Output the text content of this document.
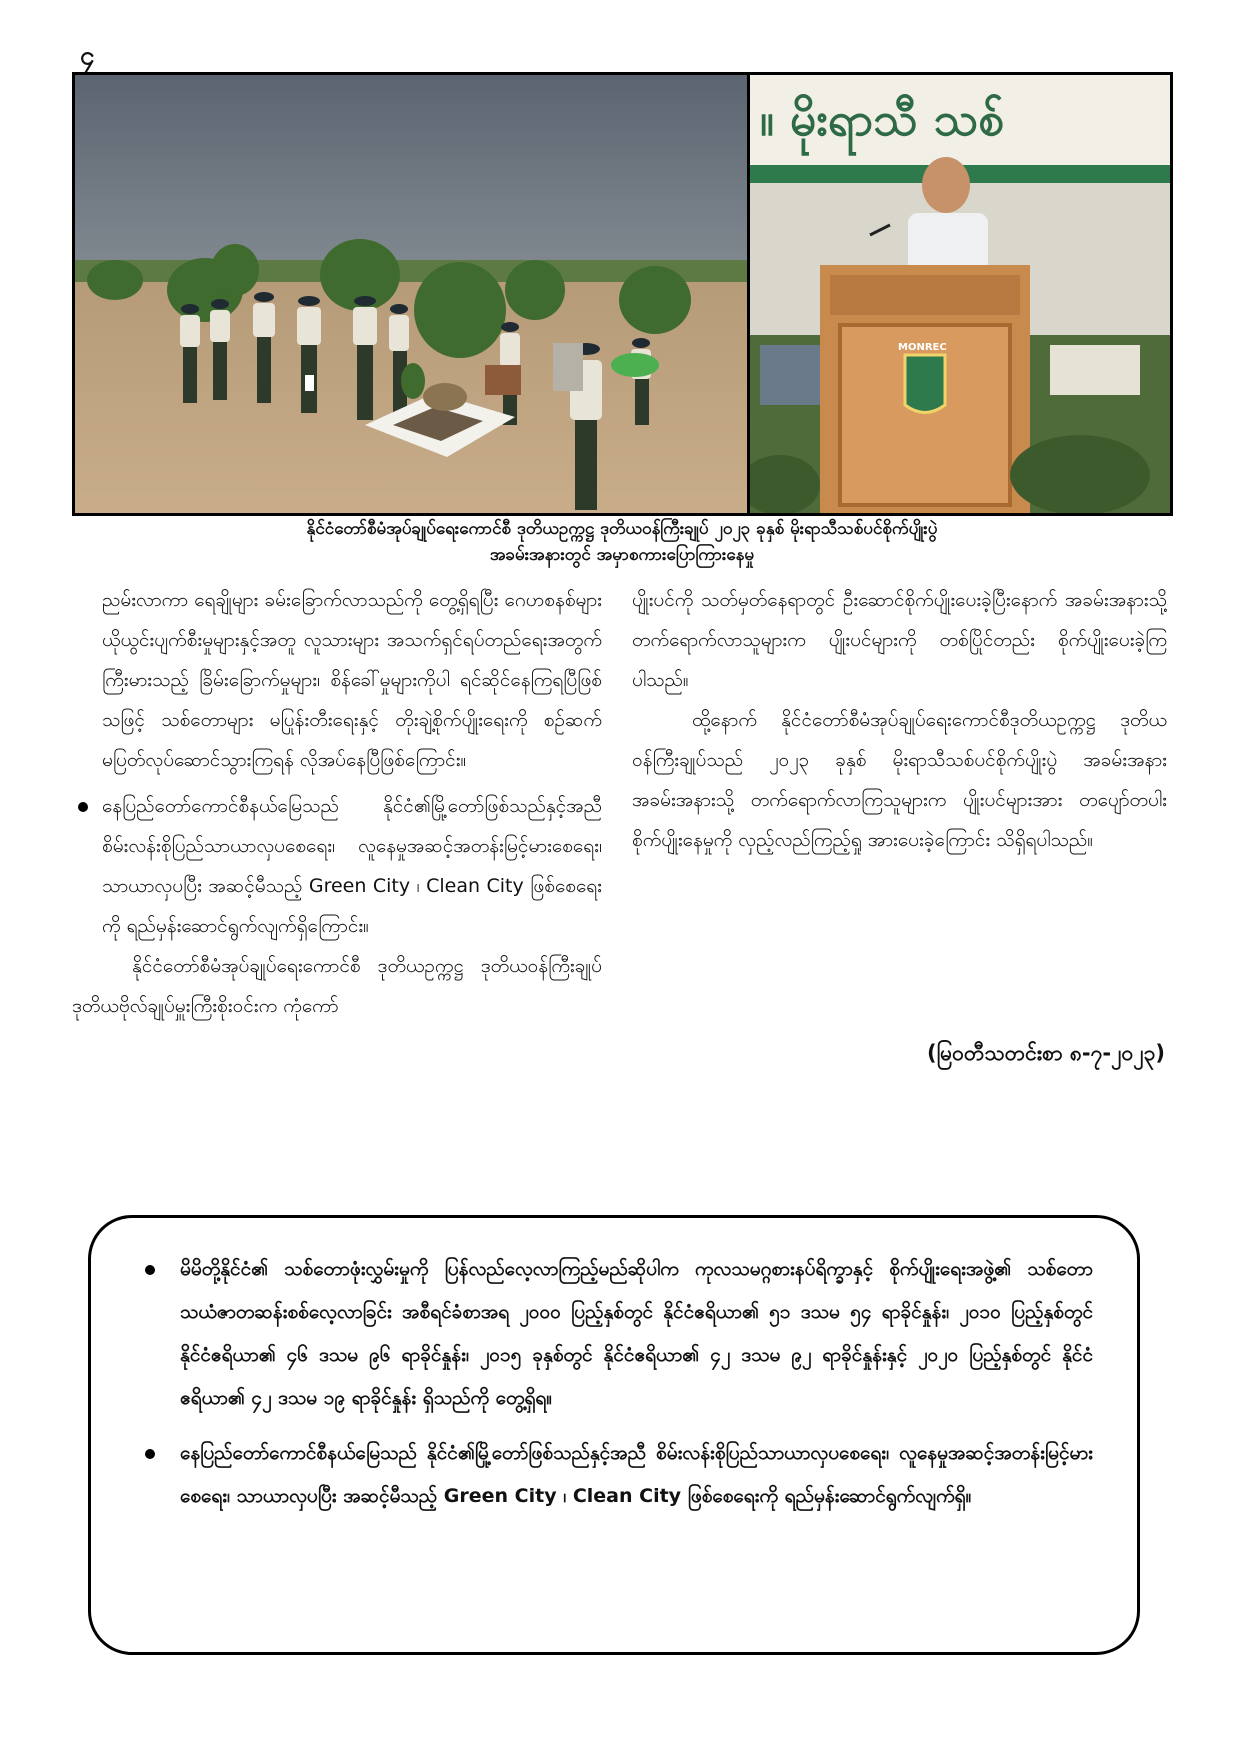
၄
။ မိုးရာသီ သစ်
MONREC
နိုင်ငံတော်စီမံအုပ်ချုပ်ရေးကောင်စီ ဒုတိယဥက္ကဋ္ဌ ဒုတိယဝန်ကြီးချုပ် ၂၀၂၃ ခုနှစ် မိုးရာသီသစ်ပင်စိုက်ပျိုးပွဲ
အခမ်းအနားတွင် အမှာစကားပြောကြားနေမှု

ညမ်းလာကာ ရေချိုများ ခမ်းခြောက်လာသည်ကို တွေ့ရှိရပြီး ဂေဟစနစ်များ ယိုယွင်းပျက်စီးမှုများနှင့်အတူ လူသားများ အသက်ရှင်ရပ်တည်ရေးအတွက် ကြီးမားသည့် ခြိမ်းခြောက်မှုများ၊ စိန်ခေါ်မှုများကိုပါ ရင်ဆိုင်နေကြရပြီဖြစ်သဖြင့် သစ်တောများ မပြုန်းတီးရေးနှင့် တိုးချဲ့စိုက်ပျိုးရေးကို စဉ်ဆက်မပြတ်လုပ်ဆောင်သွားကြရန် လိုအပ်နေပြီဖြစ်ကြောင်း။

နေပြည်တော်ကောင်စီနယ်မြေသည် နိုင်ငံ၏မြို့တော်ဖြစ်သည်နှင့်အညီ စိမ်းလန်းစိုပြည်သာယာလှပစေရေး၊ လူနေမှုအဆင့်အတန်းမြင့်မားစေရေး၊ သာယာလှပပြီး အဆင့်မီသည့် Green City ၊ Clean City ဖြစ်စေရေးကို ရည်မှန်းဆောင်ရွက်လျက်ရှိကြောင်း။

နိုင်ငံတော်စီမံအုပ်ချုပ်ရေးကောင်စီ ဒုတိယဥက္ကဋ္ဌ ဒုတိယဝန်ကြီးချုပ် ဒုတိယဗိုလ်ချုပ်မှူးကြီးစိုးဝင်းက ကုံကော်

ပျိုးပင်ကို သတ်မှတ်နေရာတွင် ဦးဆောင်စိုက်ပျိုးပေးခဲ့ပြီးနောက် အခမ်းအနားသို့ တက်ရောက်လာသူများက ပျိုးပင်များကို တစ်ပြိုင်တည်း စိုက်ပျိုးပေးခဲ့ကြပါသည်။

ထို့နောက် နိုင်ငံတော်စီမံအုပ်ချုပ်ရေးကောင်စီဒုတိယဥက္ကဋ္ဌ ဒုတိယဝန်ကြီးချုပ်သည် ၂၀၂၃ ခုနှစ် မိုးရာသီသစ်ပင်စိုက်ပျိုးပွဲ အခမ်းအနားအခမ်းအနားသို့ တက်ရောက်လာကြသူများက ပျိုးပင်များအား တပျော်တပါးစိုက်ပျိုးနေမှုကို လှည့်လည်ကြည့်ရှု အားပေးခဲ့ကြောင်း သိရှိရပါသည်။

(မြဝတီသတင်းစာ ၈-၇-၂၀၂၃)
မိမိတို့နိုင်ငံ၏ သစ်တောဖုံးလွှမ်းမှုကို ပြန်လည်လေ့လာကြည့်မည်ဆိုပါက ကုလသမဂ္ဂစားနပ်ရိက္ခာနှင့် စိုက်ပျိုးရေးအဖွဲ့၏ သစ်တောသယံဇာတဆန်းစစ်လေ့လာခြင်း အစီရင်ခံစာအရ ၂၀၀၀ ပြည့်နှစ်တွင် နိုင်ငံဧရိယာ၏ ၅၁ ဒသမ ၅၄ ရာခိုင်နှုန်း၊ ၂၀၁၀ ပြည့်နှစ်တွင် နိုင်ငံဧရိယာ၏ ၄၆ ဒသမ ၉၆ ရာခိုင်နှုန်း၊ ၂၀၁၅ ခုနှစ်တွင် နိုင်ငံဧရိယာ၏ ၄၂ ဒသမ ၉၂ ရာခိုင်နှုန်းနှင့် ၂၀၂၀ ပြည့်နှစ်တွင် နိုင်ငံဧရိယာ၏ ၄၂ ဒသမ ၁၉ ရာခိုင်နှုန်း ရှိသည်ကို တွေ့ရှိရ။
နေပြည်တော်ကောင်စီနယ်မြေသည် နိုင်ငံ၏မြို့တော်ဖြစ်သည်နှင့်အညီ စိမ်းလန်းစိုပြည်သာယာလှပစေရေး၊ လူနေမှုအဆင့်အတန်းမြင့်မားစေရေး၊ သာယာလှပပြီး အဆင့်မီသည့် Green City ၊ Clean City ဖြစ်စေရေးကို ရည်မှန်းဆောင်ရွက်လျက်ရှိ။
